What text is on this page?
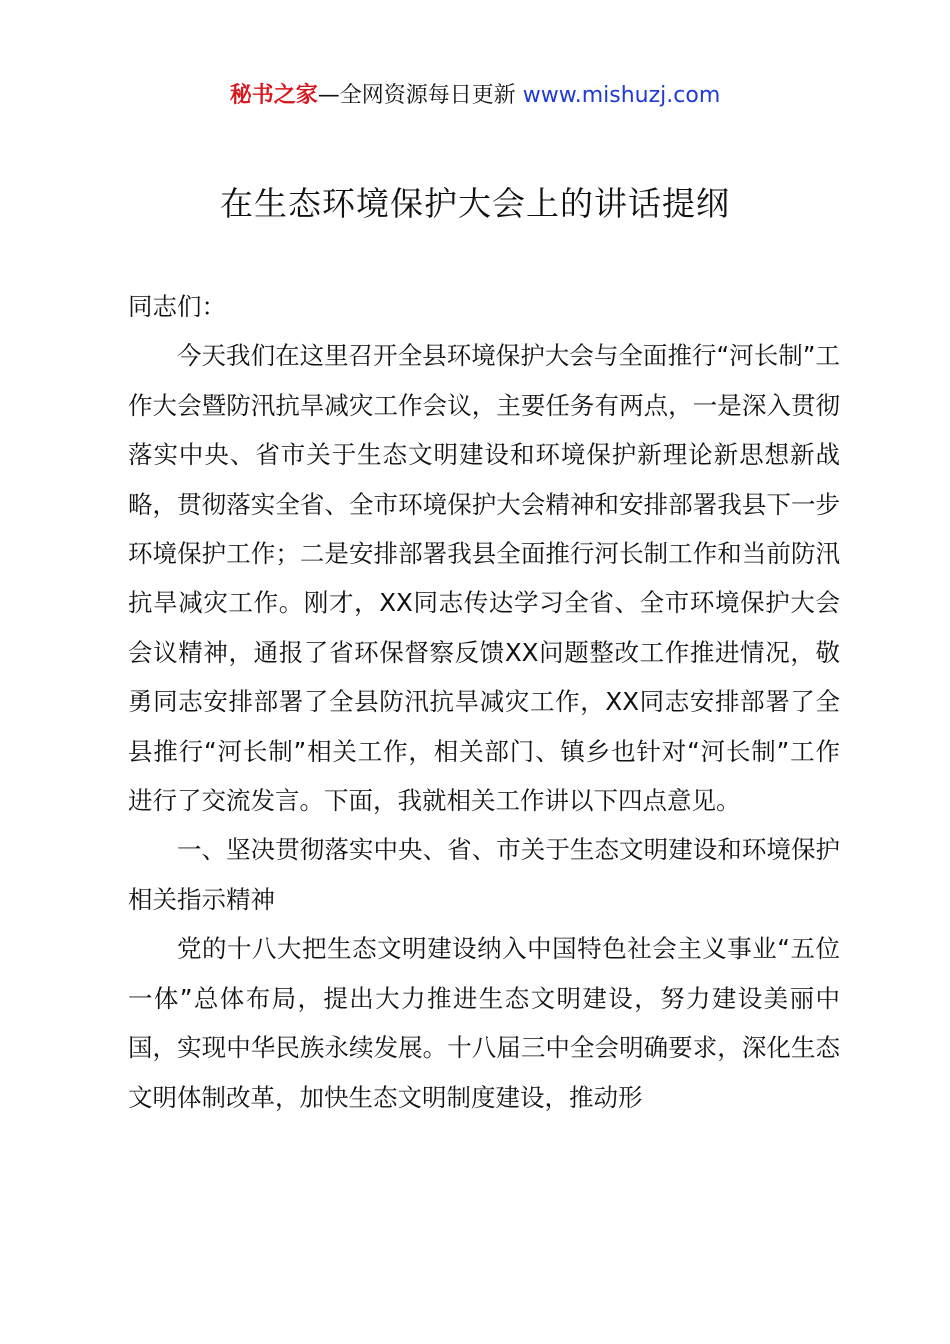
秘书之家—全网资源每日更新 www.mishuzj.com
在生态环境保护大会上的讲话提纲

同志们：

今天我们在这里召开全县环境保护大会与全面推行“河长制”工作大会暨防汛抗旱减灾工作会议，主要任务有两点，一是深入贯彻落实中央、省市关于生态文明建设和环境保护新理论新思想新战略，贯彻落实全省、全市环境保护大会精神和安排部署我县下一步环境保护工作；二是安排部署我县全面推行河长制工作和当前防汛抗旱减灾工作。刚才，XX同志传达学习全省、全市环境保护大会会议精神，通报了省环保督察反馈XX问题整改工作推进情况，敬勇同志安排部署了全县防汛抗旱减灾工作，XX同志安排部署了全县推行“河长制”相关工作，相关部门、镇乡也针对“河长制”工作进行了交流发言。下面，我就相关工作讲以下四点意见。

一、坚决贯彻落实中央、省、市关于生态文明建设和环境保护相关指示精神

党的十八大把生态文明建设纳入中国特色社会主义事业“五位一体”总体布局，提出大力推进生态文明建设，努力建设美丽中国，实现中华民族永续发展。十八届三中全会明确要求，深化生态文明体制改革，加快生态文明制度建设，推动形
